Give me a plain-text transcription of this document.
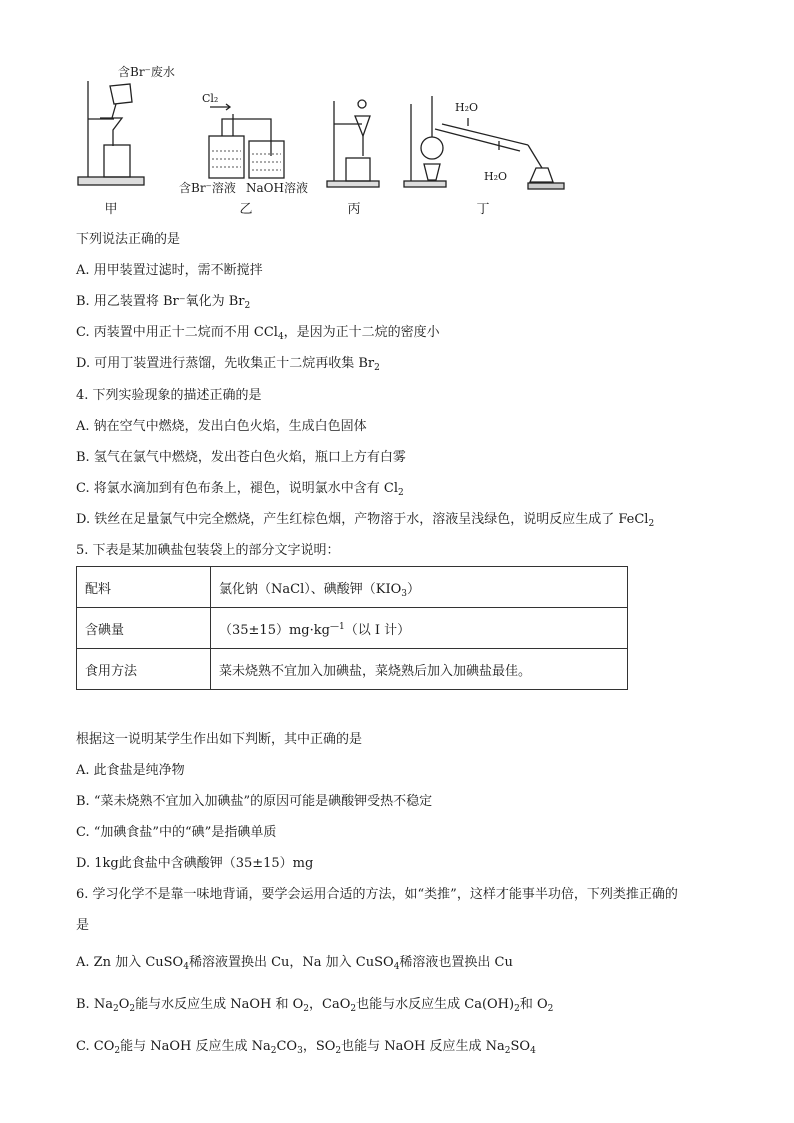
含Br⁻废水
Cl₂
含Br⁻溶液 NaOH溶液
H₂O
H₂O
甲	乙	丙	丁
下列说法正确的是
A. 用甲装置过滤时，需不断搅拌
B. 用乙装置将 Br⁻氧化为 $Br_2$
C. 丙装置中用正十二烷而不用 CCl$_4$，是因为正十二烷的密度小
D. 可用丁装置进行蒸馏，先收集正十二烷再收集 $Br_2$
4. 下列实验现象的描述正确的是
A. 钠在空气中燃烧，发出白色火焰，生成白色固体
B. 氢气在氯气中燃烧，发出苍白色火焰，瓶口上方有白雾
C. 将氯水滴加到有色布条上，褪色，说明氯水中含有 $Cl_2$
D. 铁丝在足量氯气中完全燃烧，产生红棕色烟，产物溶于水，溶液呈浅绿色，说明反应生成了 FeCl$_2$
5. 下表是某加碘盐包装袋上的部分文字说明：
配料	氯化钠（NaCl）、碘酸钾$(KIO_3)$
含碘量	$(35\pm 15)mg\cdot kg^{—1}$（以 I 计）
食用方法	菜未烧熟不宜加入加碘盐，菜烧熟后加入加碘盐最佳。
根据这一说明某学生作出如下判断，其中正确的是
A. 此食盐是纯净物
B. “菜未烧熟不宜加入加碘盐”的原因可能是碘酸钾受热不稳定
C. “加碘食盐”中的“碘”是指碘单质
D. 1kg此食盐中含碘酸钾（35±15）mg
6. 学习化学不是靠一味地背诵，要学会运用合适的方法，如“类推”，这样才能事半功倍，下列类推正确的
是
A. Zn 加入 CuSO$_4$稀溶液置换出 Cu，Na 加入 CuSO$_4$稀溶液也置换出 Cu
B. $Na_2O_2$能与水反应生成 NaOH 和 $O_2$，CaO$_2$也能与水反应生成 $Ca(OH)_2$和 $O_2$
C. $CO_2$能与 NaOH 反应生成 $Na_2CO_3$，$SO_2$也能与 NaOH 反应生成 $Na_2SO_4$
